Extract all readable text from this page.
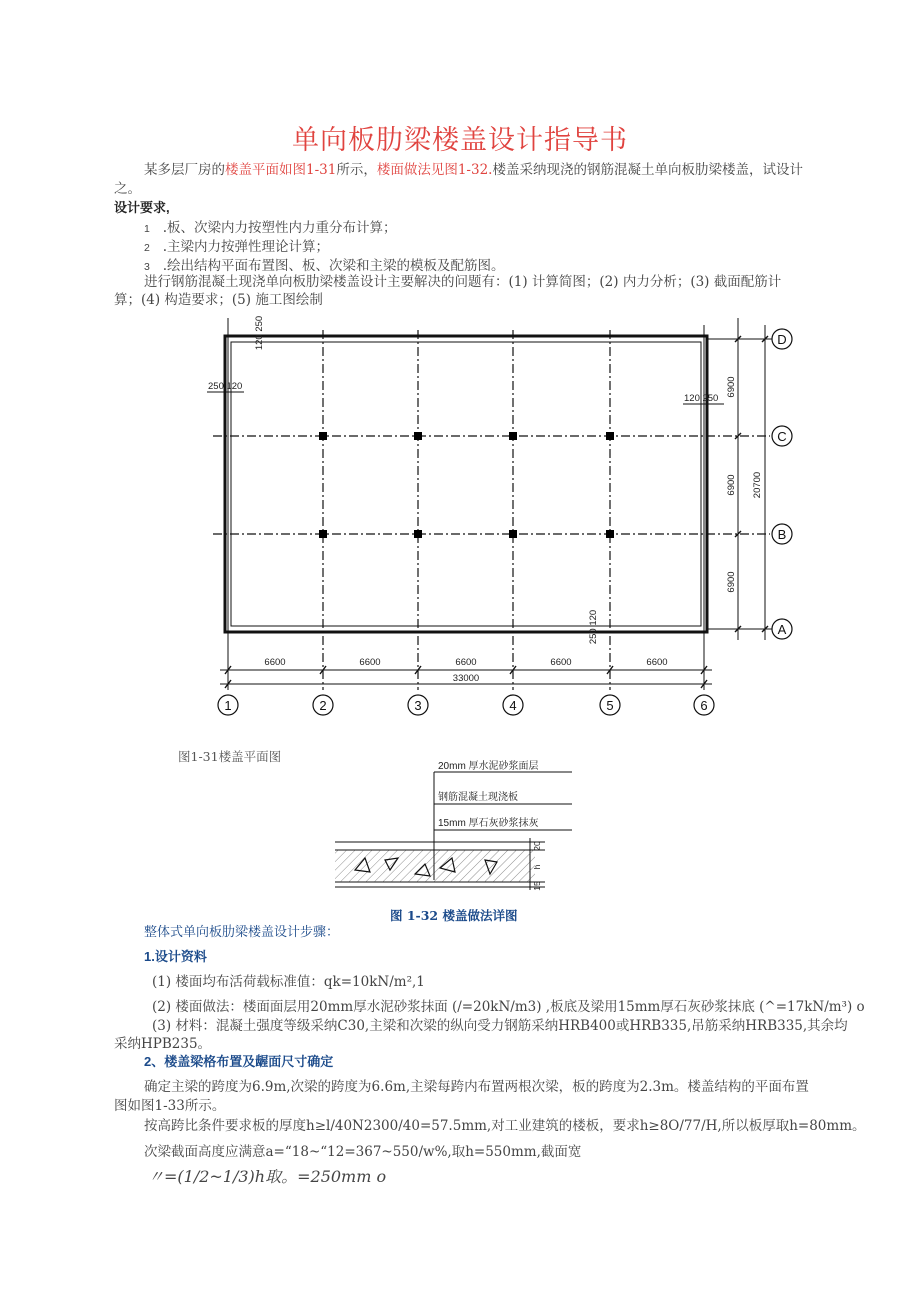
单向板肋梁楼盖设计指导书
某多层厂房的楼盖平面如图1-31所示，楼面做法见图1-32.楼盖采纳现浇的钢筋混凝土单向板肋梁楼盖，试设计
之。
设计要求,
1 .板、次梁内力按塑性内力重分布计算；
2 .主梁内力按弹性理论计算；
3 .绘出结构平面布置图、板、次梁和主梁的模板及配筋图。
进行钢筋混凝土现浇单向板肋梁楼盖设计主要解决的问题有：(1) 计算简图；(2) 内力分析；(3) 截面配筋计
算；(4) 构造要求；(5) 施工图绘制
6600	6600	6600	6600	6600
33000
6900
6900
6900
20700
120 250
250 120
250 120
120 250
D
C
B
A
1	2	3	4	5	6
图1-31楼盖平面图
20mm 厚水泥砂浆面层
钢筋混凝土现浇板
15mm 厚石灰砂浆抹灰
20
h
15
图 1-32 楼盖做法详图
整体式单向板肋梁楼盖设计步骤：
1.设计资料
(1) 楼面均布活荷载标准值：qk=10kN/m²,1
(2) 楼面做法：楼面面层用20mm厚水泥砂浆抹面 (/=20kN/m3) ,板底及梁用15mm厚石灰砂浆抹底 (^=17kN/m³) o
(3) 材料：混凝土强度等级采纳C30,主梁和次梁的纵向受力钢筋采纳HRB400或HRB335,吊筋采纳HRB335,其余均
采纳HPB235。
2、楼盖梁格布置及龌面尺寸确定
确定主梁的跨度为6.9m,次梁的跨度为6.6m,主梁每跨内布置两根次梁，板的跨度为2.3m。楼盖结构的平面布置
图如图1-33所示。
按高跨比条件要求板的厚度h≥l/40N2300/40=57.5mm,对工业建筑的楼板，要求h≥8O/77/H,所以板厚取h=80mm。
次梁截面高度应满意a=“18~“12=367~550/w%,取h=550mm,截面宽
〃=(1/2~1/3)h取。=250mm o
